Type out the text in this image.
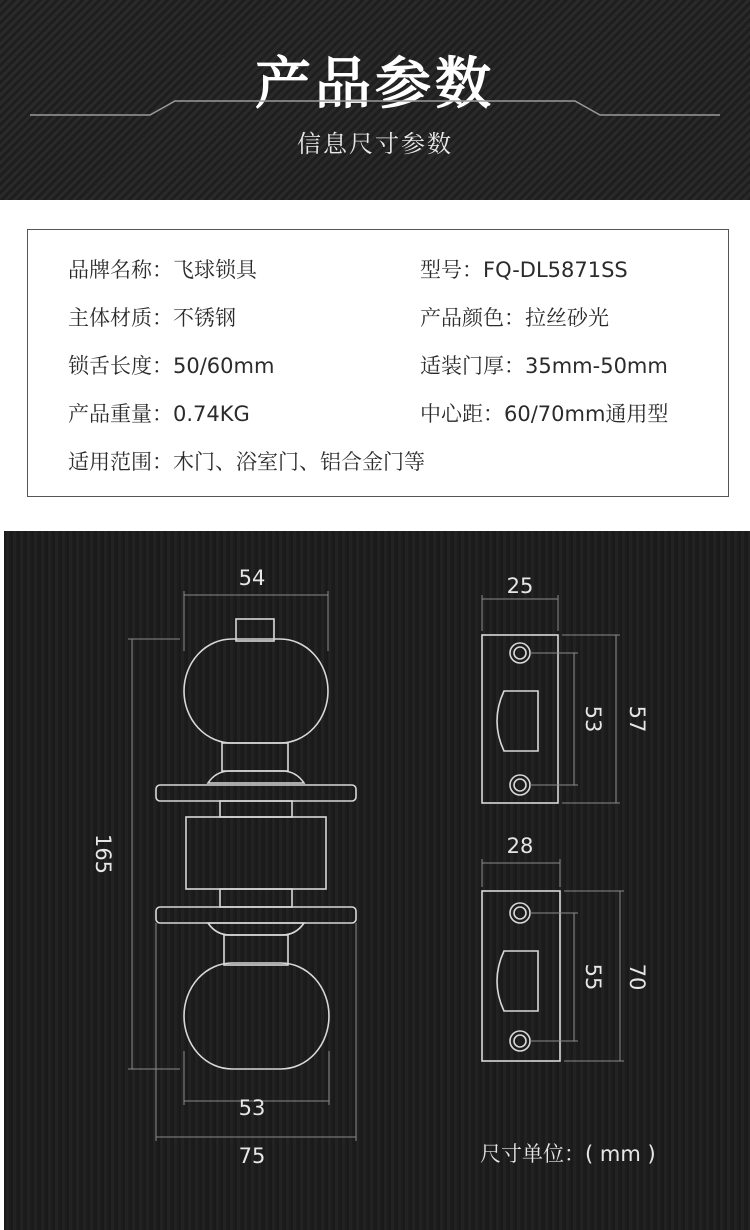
产品参数
信息尺寸参数
品牌名称：飞球锁具	型号：FQ-DL5871SS
主体材质：不锈钢	产品颜色：拉丝砂光
锁舌长度：50/60mm	适装门厚：35mm-50mm
产品重量：0.74KG	中心距：60/70mm通用型
适用范围：木门、浴室门、铝合金门等
54
165
53
75
25
53 57
28
55 70
尺寸单位：( mm )
